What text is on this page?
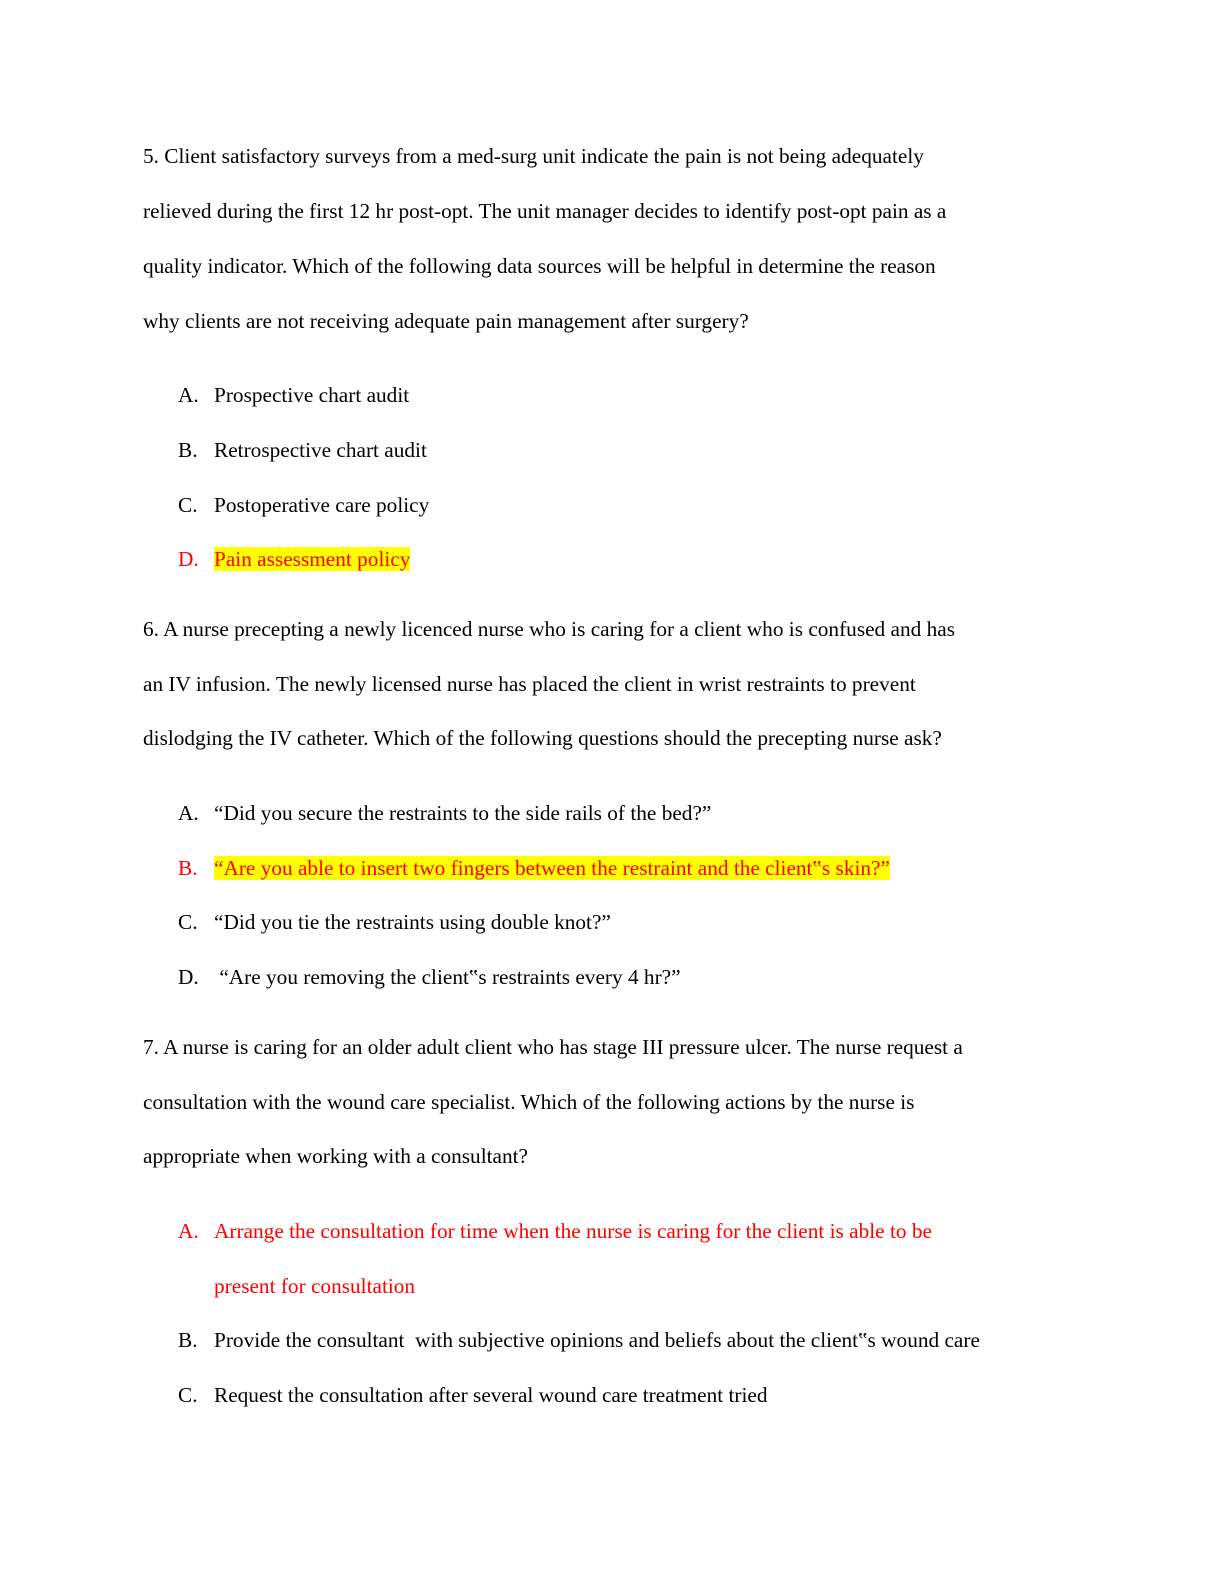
5. Client satisfactory surveys from a med-surg unit indicate the pain is not being adequately
relieved during the first 12 hr post-opt. The unit manager decides to identify post-opt pain as a
quality indicator. Which of the following data sources will be helpful in determine the reason
why clients are not receiving adequate pain management after surgery?
A. Prospective chart audit
B. Retrospective chart audit
C. Postoperative care policy
D. Pain assessment policy
6. A nurse precepting a newly licenced nurse who is caring for a client who is confused and has
an IV infusion. The newly licensed nurse has placed the client in wrist restraints to prevent
dislodging the IV catheter. Which of the following questions should the precepting nurse ask?
A. “Did you secure the restraints to the side rails of the bed?”
B. “Are you able to insert two fingers between the restraint and the client‟s skin?”
C. “Did you tie the restraints using double knot?”
D. “Are you removing the client‟s restraints every 4 hr?”
7. A nurse is caring for an older adult client who has stage III pressure ulcer. The nurse request a
consultation with the wound care specialist. Which of the following actions by the nurse is
appropriate when working with a consultant?
A. Arrange the consultation for time when the nurse is caring for the client is able to be
present for consultation
B. Provide the consultant  with subjective opinions and beliefs about the client‟s wound care
C. Request the consultation after several wound care treatment tried
